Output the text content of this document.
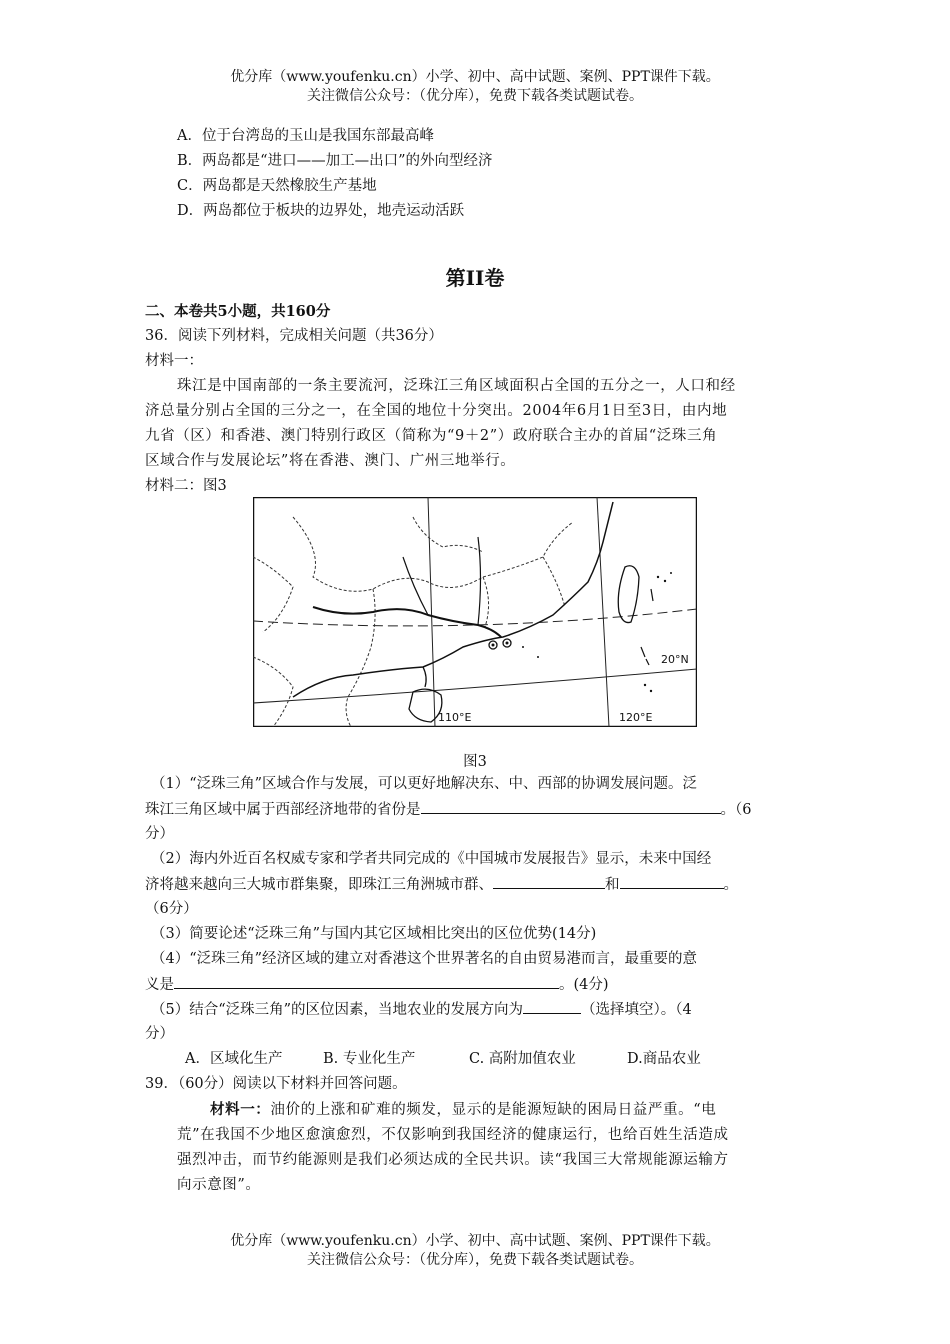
优分库（www.youfenku.cn）小学、初中、高中试题、案例、PPT课件下载。
关注微信公众号：（优分库），免费下载各类试题试卷。
A．位于台湾岛的玉山是我国东部最高峰
B．两岛都是“进口——加工—出口”的外向型经济
C．两岛都是天然橡胶生产基地
D．两岛都位于板块的边界处，地壳运动活跃
第II卷
二、本卷共5小题，共160分
36．阅读下列材料，完成相关问题（共36分）
材料一：
珠江是中国南部的一条主要流河，泛珠江三角区域面积占全国的五分之一，人口和经
济总量分别占全国的三分之一，在全国的地位十分突出。2004年6月1日至3日，由内地
九省（区）和香港、澳门特别行政区（简称为“9＋2”）政府联合主办的首届“泛珠三角
区域合作与发展论坛”将在香港、澳门、广州三地举行。
材料二：图3
20°N
110°E	120°E
图3
（1）“泛珠三角”区域合作与发展，可以更好地解决东、中、西部的协调发展问题。泛
珠江三角区域中属于西部经济地带的省份是	。（6
分）
（2）海内外近百名权威专家和学者共同完成的《中国城市发展报告》显示，未来中国经
济将越来越向三大城市群集聚，即珠江三角洲城市群、	和	。
（6分）
（3）简要论述“泛珠三角”与国内其它区域相比突出的区位优势(14分)
（4）“泛珠三角”经济区域的建立对香港这个世界著名的自由贸易港而言，最重要的意
义是	。(4分)
（5）结合“泛珠三角”的区位因素，当地农业的发展方向为	（选择填空）。（4
分）
A．区域化生产	B. 专业化生产	C. 高附加值农业	D.商品农业
39．（60分）阅读以下材料并回答问题。
材料一：油价的上涨和矿难的频发，显示的是能源短缺的困局日益严重。“电
荒”在我国不少地区愈演愈烈，不仅影响到我国经济的健康运行，也给百姓生活造成
强烈冲击，而节约能源则是我们必须达成的全民共识。读“我国三大常规能源运输方
向示意图”。
优分库（www.youfenku.cn）小学、初中、高中试题、案例、PPT课件下载。
关注微信公众号：（优分库），免费下载各类试题试卷。
